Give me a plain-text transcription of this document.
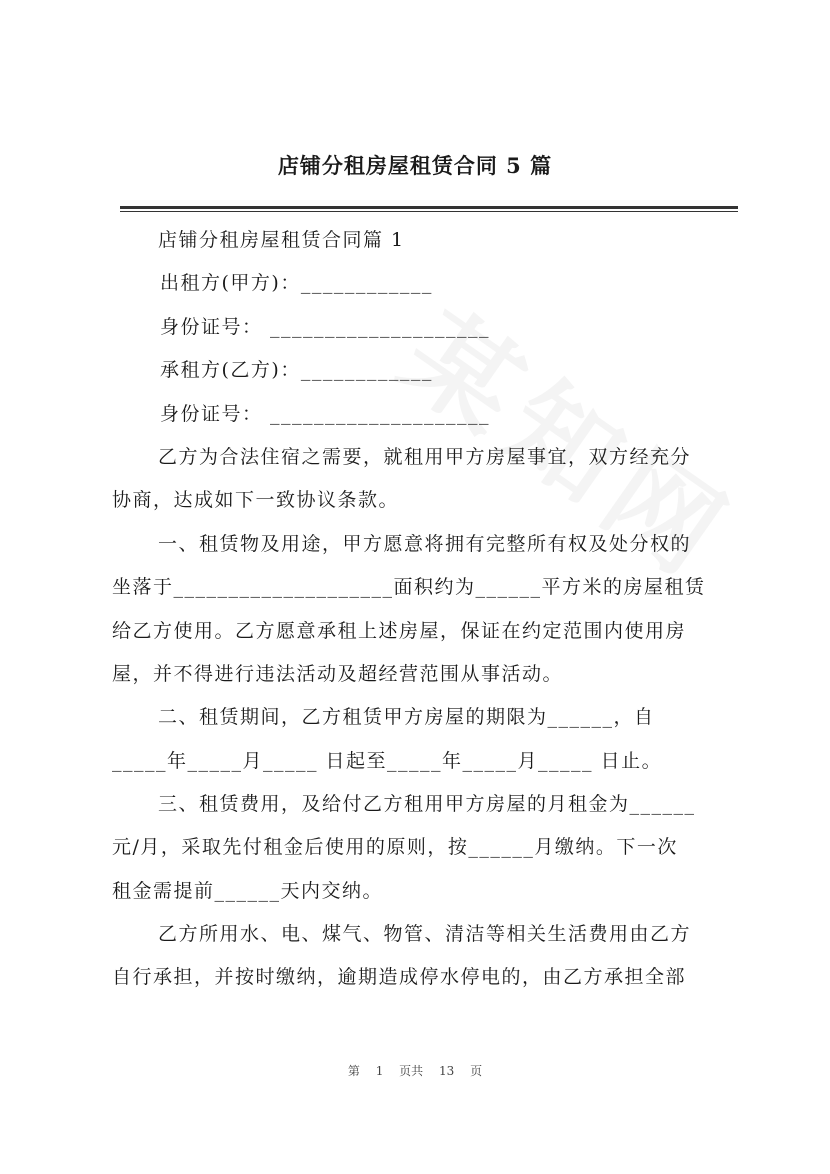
店铺分租房屋租赁合同 5 篇
店铺分租房屋租赁合同篇 1
出租方(甲方)：____________
身份证号： ____________________
承租方(乙方)：____________
身份证号： ____________________
乙方为合法住宿之需要，就租用甲方房屋事宜，双方经充分
协商，达成如下一致协议条款。
一、租赁物及用途，甲方愿意将拥有完整所有权及处分权的
坐落于____________________面积约为______平方米的房屋租赁
给乙方使用。乙方愿意承租上述房屋，保证在约定范围内使用房
屋，并不得进行违法活动及超经营范围从事活动。
二、租赁期间，乙方租赁甲方房屋的期限为______，自
_____年_____月_____ 日起至_____年_____月_____ 日止。
三、租赁费用，及给付乙方租用甲方房屋的月租金为______
元/月，采取先付租金后使用的原则，按______月缴纳。下一次
租金需提前______天内交纳。
乙方所用水、电、煤气、物管、清洁等相关生活费用由乙方
自行承担，并按时缴纳，逾期造成停水停电的，由乙方承担全部
第 1 页共 13 页
